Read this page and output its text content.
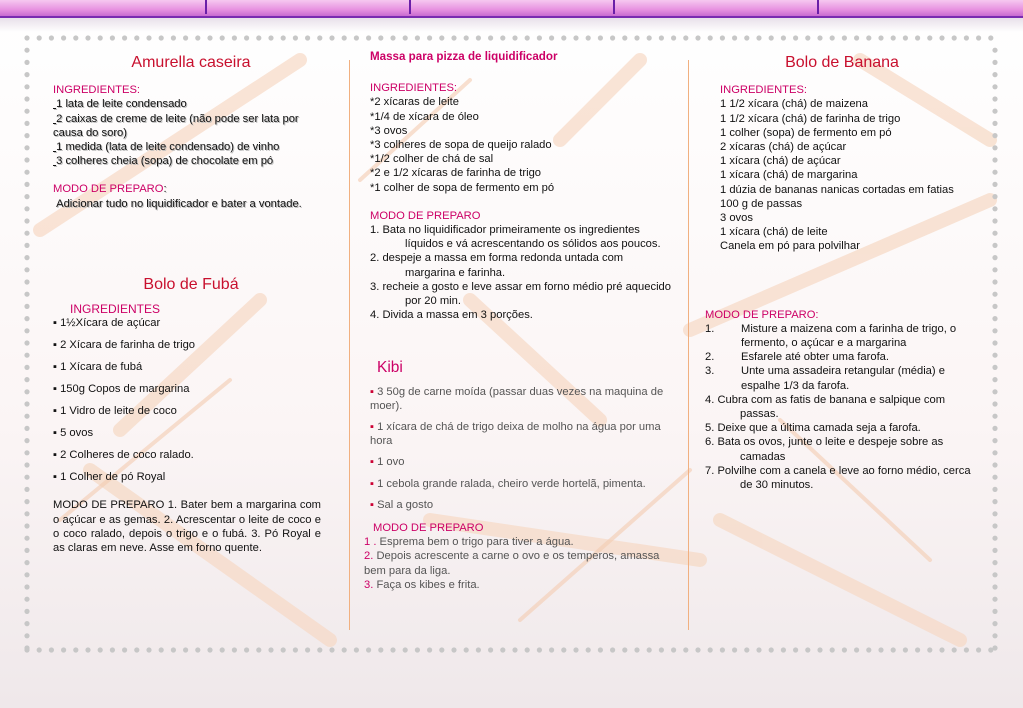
Amurella caseira

INGREDIENTES:

1 lata de leite condensado

2 caixas de creme de leite (não pode ser lata por causa do soro)

1 medida (lata de leite condensado) de vinho

3 colheres cheia (sopa) de chocolate em pó

MODO DE PREPARO:

Adicionar tudo no liquidificador e bater a vontade.

Bolo de Fubá

INGREDIENTES

▪ 1½Xícara de açúcar

▪ 2 Xícara de farinha de trigo

▪ 1 Xícara de fubá

▪ 150g Copos de margarina

▪ 1 Vidro de leite de coco

▪ 5 ovos

▪ 2 Colheres de coco ralado.

▪ 1 Colher de pó Royal

MODO DE PREPARO 1. Bater bem a margarina com o açúcar e as gemas. 2. Acrescentar o leite de coco e o coco ralado, depois o trigo e o fubá. 3. Pó Royal e as claras em neve. Asse em forno quente.

Massa para pizza de liquidificador

INGREDIENTES:

*2 xícaras de leite

*1/4 de xícara de óleo

*3 ovos

*3 colheres de sopa de queijo ralado

*1/2 colher de chá de sal

*2 e 1/2 xícaras de farinha de trigo

*1 colher de sopa de fermento em pó

MODO DE PREPARO

1. Bata no liquidificador primeiramente os ingredientes líquidos e vá acrescentando os sólidos aos poucos.

2. despeje a massa em forma redonda untada com margarina e farinha.

3. recheie a gosto e leve assar em forno médio pré aquecido por 20 min.

4. Divida a massa em 3 porções.

Kibi

▪ 3 50g de carne moída (passar duas vezes na maquina de moer).

▪ 1 xícara de chá de trigo deixa de molho na água por uma hora

▪ 1 ovo

▪ 1 cebola grande ralada, cheiro verde hortelã, pimenta.

▪ Sal a gosto

MODO DE PREPARO

1 . Esprema bem o trigo para tiver a água.

2. Depois acrescente a carne o ovo e os temperos, amassa bem para da liga.

3. Faça os kibes e frita.

Bolo de Banana

INGREDIENTES:

1 1/2 xícara (chá) de maizena

1 1/2 xícara (chá) de farinha de trigo

1 colher (sopa) de fermento em pó

2 xícaras (chá) de açúcar

1 xícara (chá) de açúcar

1 xícara (chá) de margarina

1 dúzia de bananas nanicas cortadas em fatias

100 g de passas

3 ovos

1 xícara (chá) de leite

Canela em pó para polvilhar

MODO DE PREPARO:

1. Misture a maizena com a farinha de trigo, o fermento, o açúcar e a margarina

2. Esfarele até obter uma farofa.

3. Unte uma assadeira retangular (média) e espalhe 1/3 da farofa.

4. Cubra com as fatis de banana e salpique com passas.

5. Deixe que a última camada seja a farofa.

6. Bata os ovos, junte o leite e despeje sobre as camadas

7. Polvilhe com a canela e leve ao forno médio, cerca de 30 minutos.
